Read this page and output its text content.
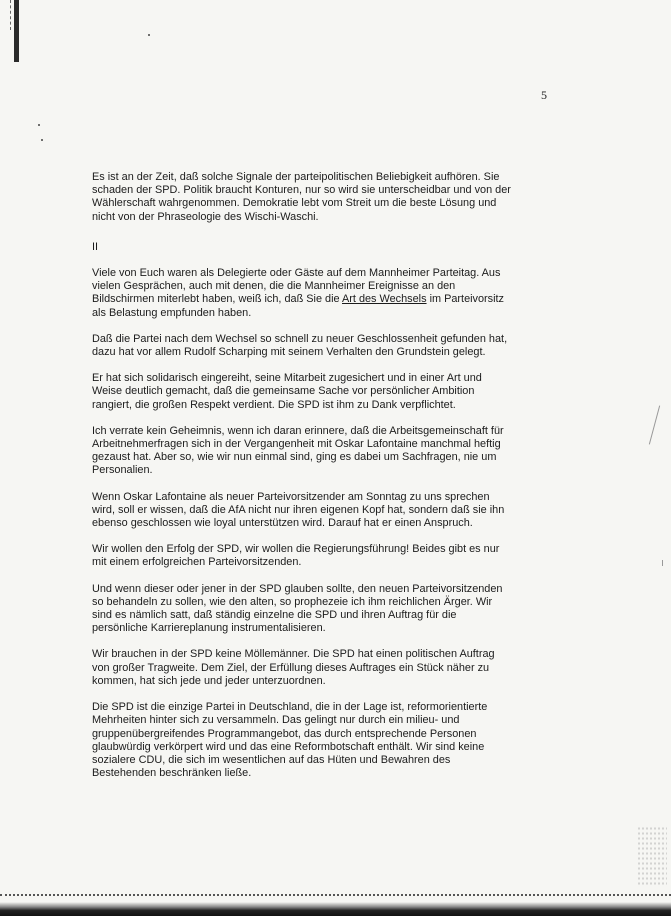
5

Es ist an der Zeit, daß solche Signale der parteipolitischen Beliebigkeit aufhören. Sie schaden der SPD. Politik braucht Konturen, nur so wird sie unterscheidbar und von der Wählerschaft wahrgenommen. Demokratie lebt vom Streit um die beste Lösung und nicht von der Phraseologie des Wischi-Waschi.

II

Viele von Euch waren als Delegierte oder Gäste auf dem Mannheimer Parteitag. Aus vielen Gesprächen, auch mit denen, die die Mannheimer Ereignisse an den Bildschirmen miterlebt haben, weiß ich, daß Sie die Art des Wechsels im Parteivorsitz als Belastung empfunden haben.

Daß die Partei nach dem Wechsel so schnell zu neuer Geschlossenheit gefunden hat, dazu hat vor allem Rudolf Scharping mit seinem Verhalten den Grundstein gelegt.

Er hat sich solidarisch eingereiht, seine Mitarbeit zugesichert und in einer Art und Weise deutlich gemacht, daß die gemeinsame Sache vor persönlicher Ambition rangiert, die großen Respekt verdient. Die SPD ist ihm zu Dank verpflichtet.

Ich verrate kein Geheimnis, wenn ich daran erinnere, daß die Arbeitsgemeinschaft für Arbeitnehmerfragen sich in der Vergangenheit mit Oskar Lafontaine manchmal heftig gezaust hat. Aber so, wie wir nun einmal sind, ging es dabei um Sachfragen, nie um Personalien.

Wenn Oskar Lafontaine als neuer Parteivorsitzender am Sonntag zu uns sprechen wird, soll er wissen, daß die AfA nicht nur ihren eigenen Kopf hat, sondern daß sie ihn ebenso geschlossen wie loyal unterstützen wird. Darauf hat er einen Anspruch.

Wir wollen den Erfolg der SPD, wir wollen die Regierungsführung! Beides gibt es nur mit einem erfolgreichen Parteivorsitzenden.

Und wenn dieser oder jener in der SPD glauben sollte, den neuen Parteivorsitzenden so behandeln zu sollen, wie den alten, so prophezeie ich ihm reichlichen Ärger. Wir sind es nämlich satt, daß ständig einzelne die SPD und ihren Auftrag für die persönliche Karriereplanung instrumentalisieren.

Wir brauchen in der SPD keine Möllemänner. Die SPD hat einen politischen Auftrag von großer Tragweite. Dem Ziel, der Erfüllung dieses Auftrages ein Stück näher zu kommen, hat sich jede und jeder unterzuordnen.

Die SPD ist die einzige Partei in Deutschland, die in der Lage ist, reformorientierte Mehrheiten hinter sich zu versammeln. Das gelingt nur durch ein milieu- und gruppenübergreifendes Programmangebot, das durch entsprechende Personen glaubwürdig verkörpert wird und das eine Reformbotschaft enthält. Wir sind keine sozialere CDU, die sich im wesentlichen auf das Hüten und Bewahren des Bestehenden beschränken ließe.
